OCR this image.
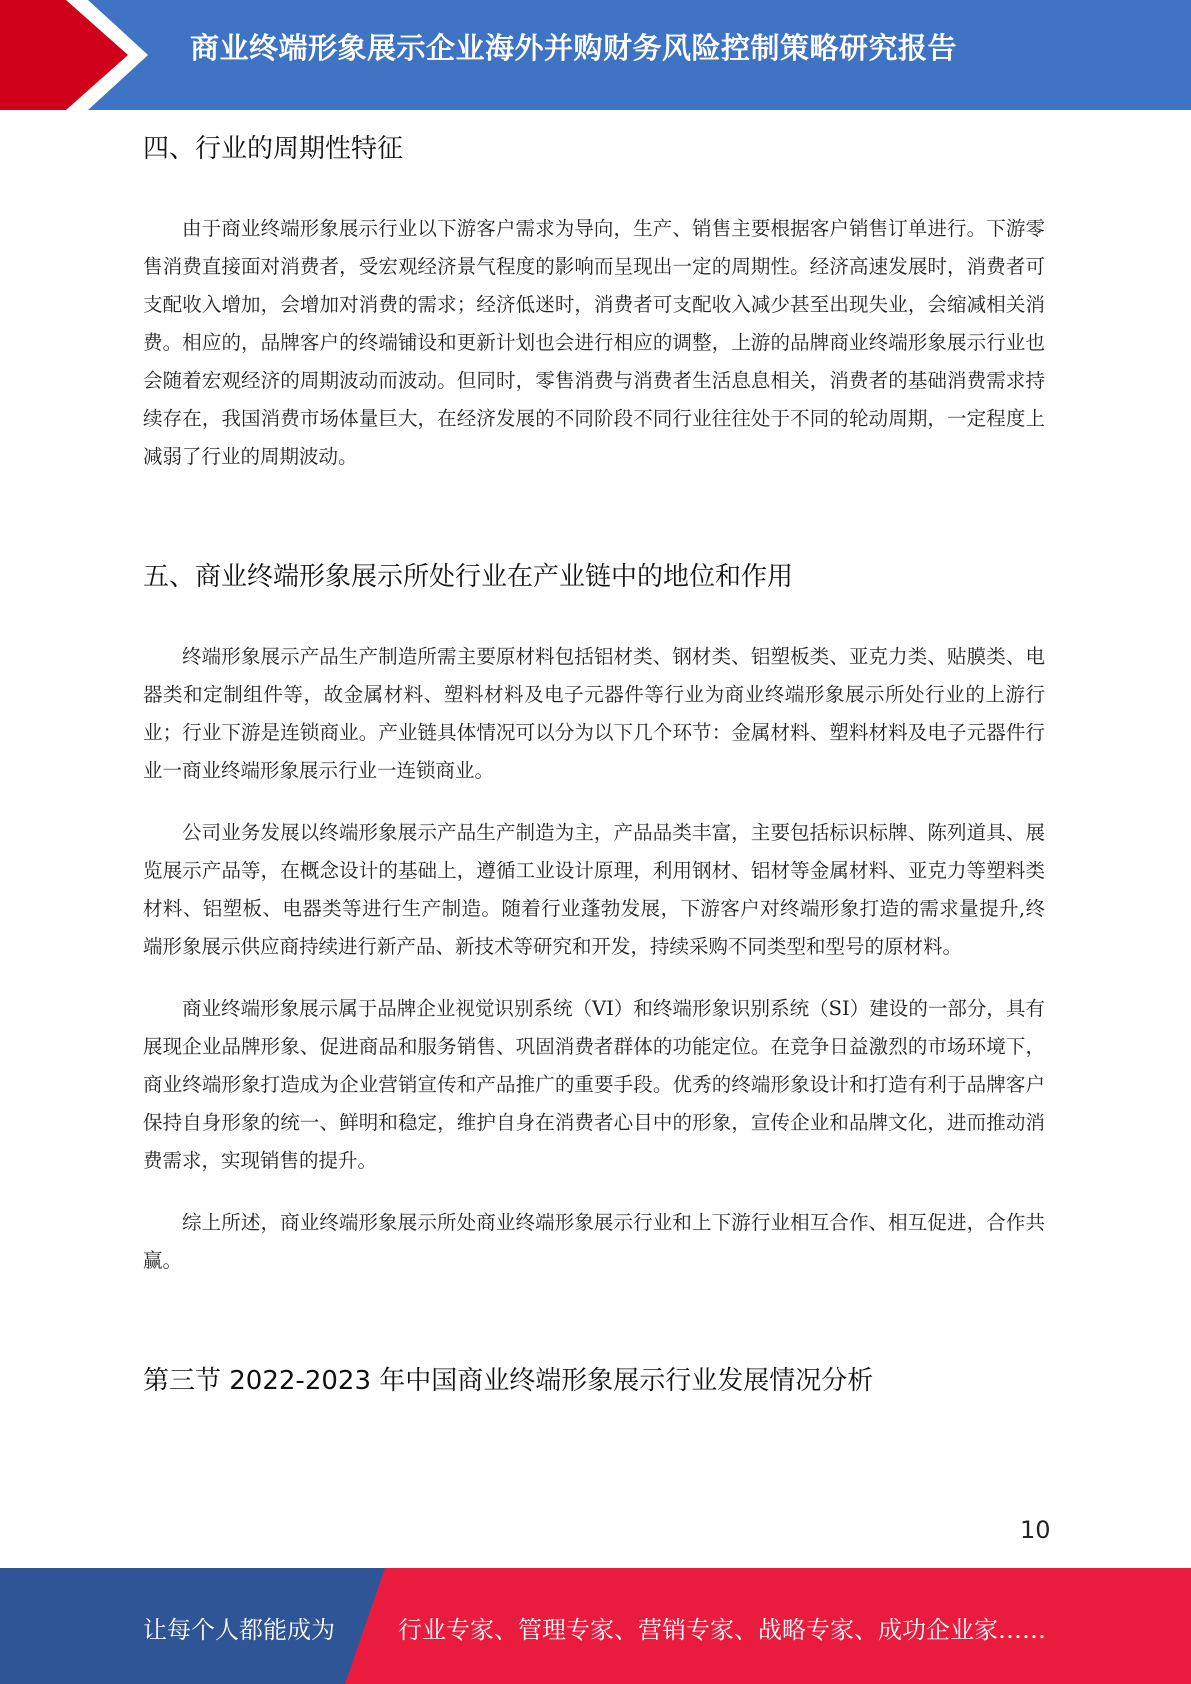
商业终端形象展示企业海外并购财务风险控制策略研究报告
四、行业的周期性特征

由于商业终端形象展示行业以下游客户需求为导向，生产、销售主要根据客户销售订单进行。下游零售消费直接面对消费者，受宏观经济景气程度的影响而呈现出一定的周期性。经济高速发展时，消费者可支配收入增加，会增加对消费的需求；经济低迷时，消费者可支配收入减少甚至出现失业，会缩减相关消费。相应的，品牌客户的终端铺设和更新计划也会进行相应的调整，上游的品牌商业终端形象展示行业也会随着宏观经济的周期波动而波动。但同时，零售消费与消费者生活息息相关，消费者的基础消费需求持续存在，我国消费市场体量巨大，在经济发展的不同阶段不同行业往往处于不同的轮动周期，一定程度上减弱了行业的周期波动。

五、商业终端形象展示所处行业在产业链中的地位和作用

终端形象展示产品生产制造所需主要原材料包括铝材类、钢材类、铝塑板类、亚克力类、贴膜类、电器类和定制组件等，故金属材料、塑料材料及电子元器件等行业为商业终端形象展示所处行业的上游行业；行业下游是连锁商业。产业链具体情况可以分为以下几个环节：金属材料、塑料材料及电子元器件行业一商业终端形象展示行业一连锁商业。

公司业务发展以终端形象展示产品生产制造为主，产品品类丰富，主要包括标识标牌、陈列道具、展览展示产品等，在概念设计的基础上，遵循工业设计原理，利用钢材、铝材等金属材料、亚克力等塑料类材料、铝塑板、电器类等进行生产制造。随着行业蓬勃发展，下游客户对终端形象打造的需求量提升,终端形象展示供应商持续进行新产品、新技术等研究和开发，持续采购不同类型和型号的原材料。

商业终端形象展示属于品牌企业视觉识别系统（VI）和终端形象识别系统（SI）建设的一部分，具有展现企业品牌形象、促进商品和服务销售、巩固消费者群体的功能定位。在竞争日益激烈的市场环境下，商业终端形象打造成为企业营销宣传和产品推广的重要手段。优秀的终端形象设计和打造有利于品牌客户保持自身形象的统一、鲜明和稳定，维护自身在消费者心目中的形象，宣传企业和品牌文化，进而推动消费需求，实现销售的提升。

综上所述，商业终端形象展示所处商业终端形象展示行业和上下游行业相互合作、相互促进，合作共赢。

第三节 2022-2023 年中国商业终端形象展示行业发展情况分析
10
让每个人都能成为	行业专家、管理专家、营销专家、战略专家、成功企业家……
